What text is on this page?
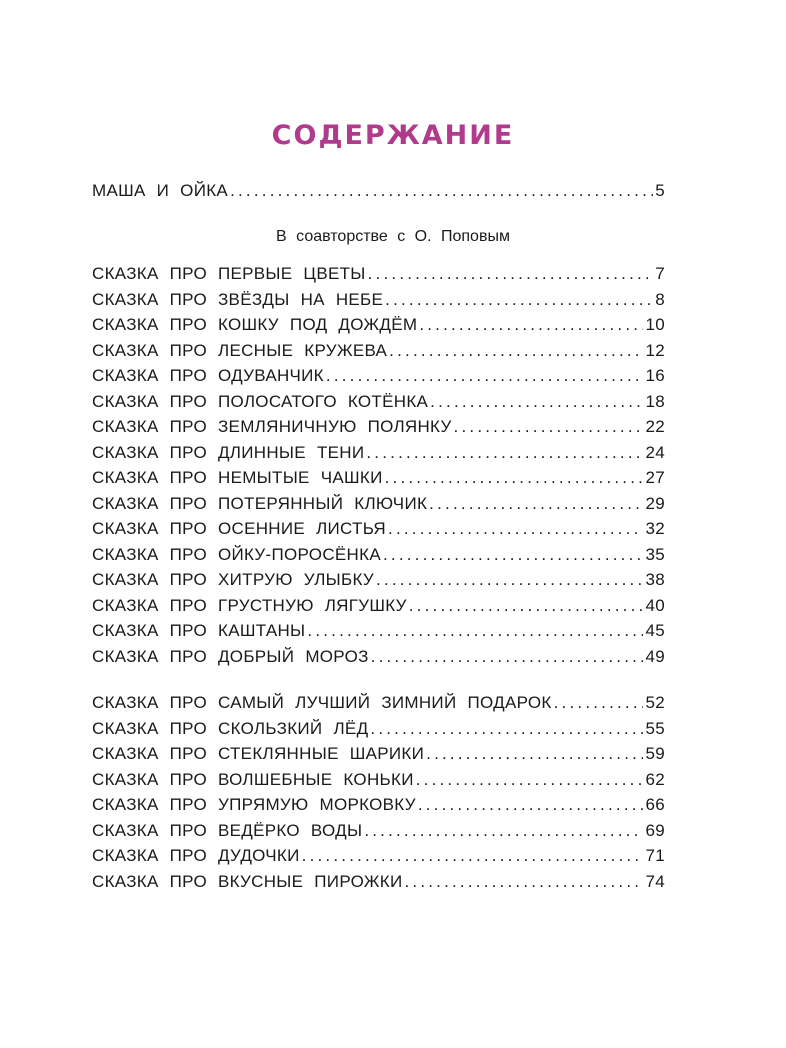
СОДЕРЖАНИЕ
МАША И ОЙКА .....	5
В соавторстве с О. Поповым
СКАЗКА ПРО ПЕРВЫЕ ЦВЕТЫ .....	7
СКАЗКА ПРО ЗВЁЗДЫ НА НЕБЕ .....	8
СКАЗКА ПРО КОШКУ ПОД ДОЖДЁМ .....	10
СКАЗКА ПРО ЛЕСНЫЕ КРУЖЕВА .....	12
СКАЗКА ПРО ОДУВАНЧИК .....	16
СКАЗКА ПРО ПОЛОСАТОГО КОТЁНКА .....	18
СКАЗКА ПРО ЗЕМЛЯНИЧНУЮ ПОЛЯНКУ .....	22
СКАЗКА ПРО ДЛИННЫЕ ТЕНИ .....	24
СКАЗКА ПРО НЕМЫТЫЕ ЧАШКИ .....	27
СКАЗКА ПРО ПОТЕРЯННЫЙ КЛЮЧИК .....	29
СКАЗКА ПРО ОСЕННИЕ ЛИСТЬЯ .....	32
СКАЗКА ПРО ОЙКУ-ПОРОСЁНКА .....	35
СКАЗКА ПРО ХИТРУЮ УЛЫБКУ .....	38
СКАЗКА ПРО ГРУСТНУЮ ЛЯГУШКУ .....	40
СКАЗКА ПРО КАШТАНЫ .....	45
СКАЗКА ПРО ДОБРЫЙ МОРОЗ .....	49
СКАЗКА ПРО САМЫЙ ЛУЧШИЙ ЗИМНИЙ ПОДАРОК .....	52
СКАЗКА ПРО СКОЛЬЗКИЙ ЛЁД .....	55
СКАЗКА ПРО СТЕКЛЯННЫЕ ШАРИКИ .....	59
СКАЗКА ПРО ВОЛШЕБНЫЕ КОНЬКИ .....	62
СКАЗКА ПРО УПРЯМУЮ МОРКОВКУ .....	66
СКАЗКА ПРО ВЕДЁРКО ВОДЫ .....	69
СКАЗКА ПРО ДУДОЧКИ .....	71
СКАЗКА ПРО ВКУСНЫЕ ПИРОЖКИ .....	74
